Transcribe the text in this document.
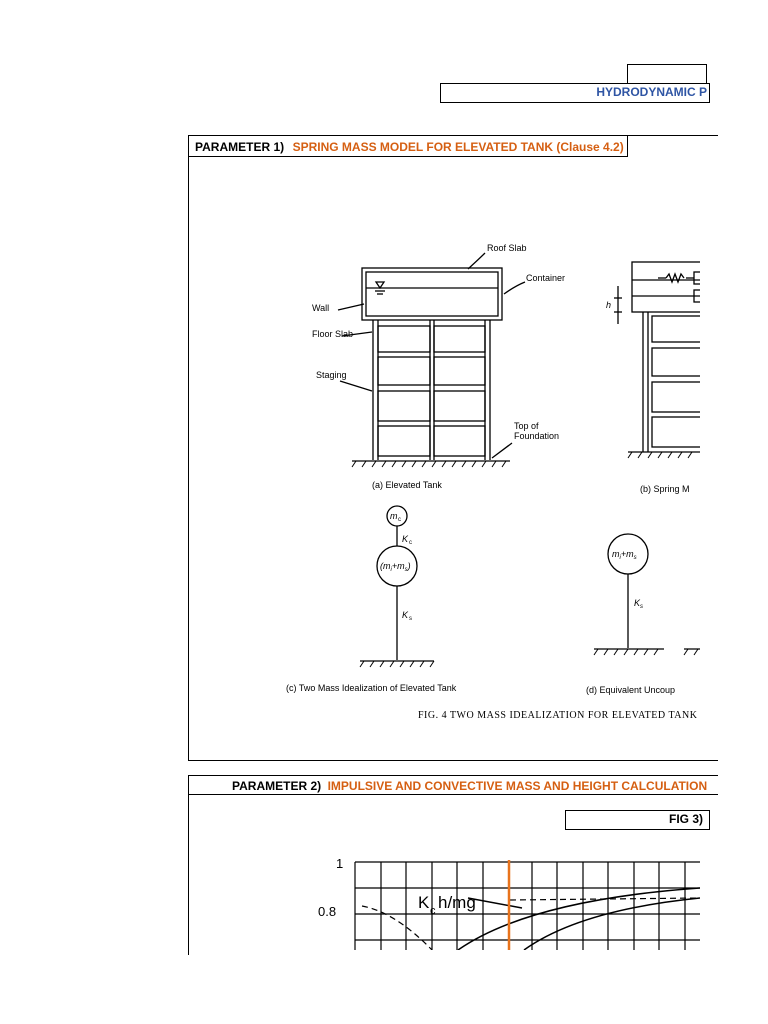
HYDRODYNAMIC P
PARAMETER 1) SPRING MASS MODEL FOR ELEVATED TANK (Clause 4.2)
Roof Slab
Container
Wall
Floor Slab
Staging
Top of
Foundation
(a) Elevated Tank	(b) Spring M
h
m c
K c
$(m_i+m_s)$
K s
$m_i+m_s$
$K_s$
(c) Two Mass Idealization of Elevated Tank	(d) Equivalent Uncoup
FIG. 4 TWO MASS IDEALIZATION FOR ELEVATED TANK
PARAMETER 2) IMPULSIVE AND CONVECTIVE MASS AND HEIGHT CALCULATION
FIG 3)
1
0.8	K c h/mg
